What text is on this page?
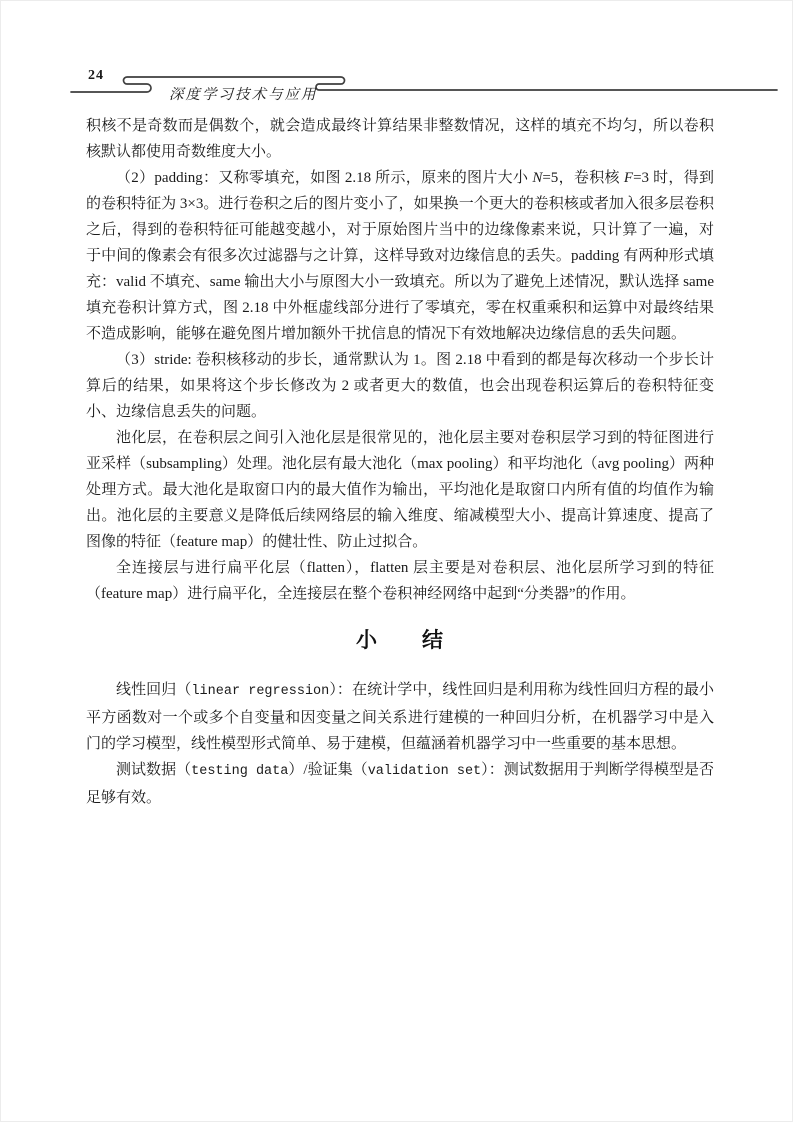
24
深度学习技术与应用

积核不是奇数而是偶数个，就会造成最终计算结果非整数情况，这样的填充不均匀，所以卷积核默认都使用奇数维度大小。

（2）padding：又称零填充，如图 2.18 所示，原来的图片大小 N=5，卷积核 F=3 时，得到的卷积特征为 3×3。进行卷积之后的图片变小了，如果换一个更大的卷积核或者加入很多层卷积之后，得到的卷积特征可能越变越小，对于原始图片当中的边缘像素来说，只计算了一遍，对于中间的像素会有很多次过滤器与之计算，这样导致对边缘信息的丢失。padding 有两种形式填充：valid 不填充、same 输出大小与原图大小一致填充。所以为了避免上述情况，默认选择 same 填充卷积计算方式，图 2.18 中外框虚线部分进行了零填充，零在权重乘积和运算中对最终结果不造成影响，能够在避免图片增加额外干扰信息的情况下有效地解决边缘信息的丢失问题。

（3）stride: 卷积核移动的步长，通常默认为 1。图 2.18 中看到的都是每次移动一个步长计算后的结果，如果将这个步长修改为 2 或者更大的数值，也会出现卷积运算后的卷积特征变小、边缘信息丢失的问题。

池化层，在卷积层之间引入池化层是很常见的，池化层主要对卷积层学习到的特征图进行亚采样（subsampling）处理。池化层有最大池化（max pooling）和平均池化（avg pooling）两种处理方式。最大池化是取窗口内的最大值作为输出，平均池化是取窗口内所有值的均值作为输出。池化层的主要意义是降低后续网络层的输入维度、缩减模型大小、提高计算速度、提高了图像的特征（feature map）的健壮性、防止过拟合。

全连接层与进行扁平化层（flatten），flatten 层主要是对卷积层、池化层所学习到的特征（feature map）进行扁平化，全连接层在整个卷积神经网络中起到“分类器”的作用。

小　　结

线性回归（linear regression）：在统计学中，线性回归是利用称为线性回归方程的最小平方函数对一个或多个自变量和因变量之间关系进行建模的一种回归分析，在机器学习中是入门的学习模型，线性模型形式简单、易于建模，但蕴涵着机器学习中一些重要的基本思想。

测试数据（testing data）/验证集（validation set）：测试数据用于判断学得模型是否足够有效。
